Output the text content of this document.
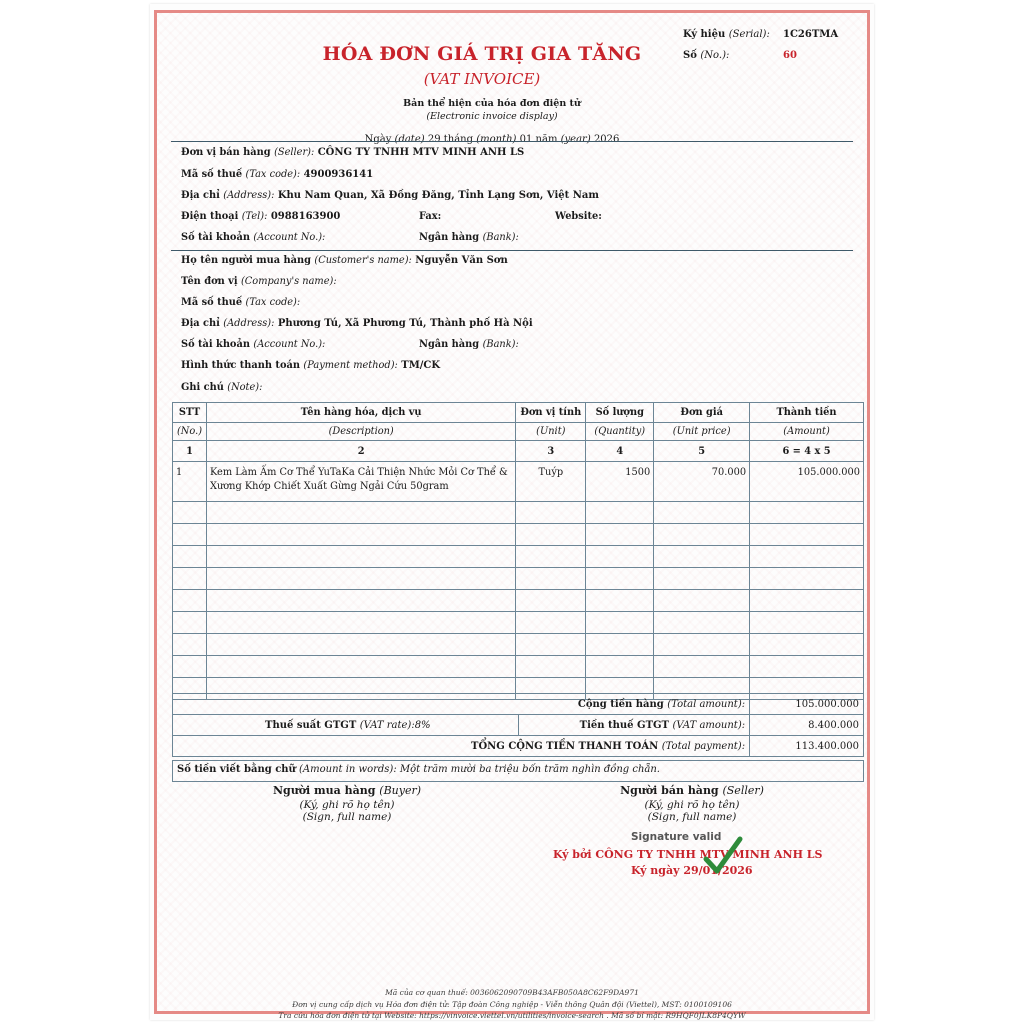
HÓA ĐƠN GIÁ TRỊ GIA TĂNG
(VAT INVOICE)
Bản thể hiện của hóa đơn điện tử
(Electronic invoice display)
Ngày (date) 29 tháng (month) 01 năm (year) 2026
Ký hiệu (Serial): 1C26TMA
Số (No.):	60
Đơn vị bán hàng (Seller): CÔNG TY TNHH MTV MINH ANH LS
Mã số thuế (Tax code): 4900936141
Địa chỉ (Address): Khu Nam Quan, Xã Đồng Đăng, Tỉnh Lạng Sơn, Việt Nam
Điện thoại (Tel): 0988163900	Fax:	Website:
Số tài khoản (Account No.):	Ngân hàng (Bank):
Họ tên người mua hàng (Customer's name): Nguyễn Văn Sơn
Tên đơn vị (Company's name):
Mã số thuế (Tax code):
Địa chỉ (Address): Phương Tú, Xã Phương Tú, Thành phố Hà Nội
Số tài khoản (Account No.):	Ngân hàng (Bank):
Hình thức thanh toán (Payment method): TM/CK
Ghi chú (Note):
STT	Tên hàng hóa, dịch vụ	Đơn vị tính	Số lượng	Đơn giá	Thành tiền
(No.)	(Description)	(Unit)	(Quantity)	(Unit price)	(Amount)
1	2	3	4	5	6 = 4 x 5
1	Kem Làm Ấm Cơ Thể YuTaKa Cải Thiện Nhức Mỏi Cơ Thể & Xương Khớp Chiết Xuất Gừng Ngải Cứu 50gram	Tuýp	1500	70.000	105.000.000

Cộng tiền hàng (Total amount):		105.000.000
Thuế suất GTGT (VAT rate):8%	Tiền thuế GTGT (VAT amount):	8.400.000
TỔNG CỘNG TIỀN THANH TOÁN (Total payment):		113.400.000
Số tiền viết bằng chữ (Amount in words): Một trăm mười ba triệu bốn trăm nghìn đồng chẵn.
Người mua hàng (Buyer)
(Ký, ghi rõ họ tên)
(Sign, full name)
Người bán hàng (Seller)
(Ký, ghi rõ họ tên)
(Sign, full name)
Signature valid
Ký bởi CÔNG TY TNHH MTV MINH ANH LS
Ký ngày 29/01/2026
Mã của cơ quan thuế: 0036062090709B43AFB050A8C62F9DA971
Đơn vị cung cấp dịch vụ Hóa đơn điện tử: Tập đoàn Công nghiệp - Viễn thông Quân đội (Viettel), MST: 0100109106
Tra cứu hóa đơn điện tử tại Website: https://vinvoice.viettel.vn/utilities/invoice-search . Mã số bí mật: R9HQF0JLK8P4QYW
